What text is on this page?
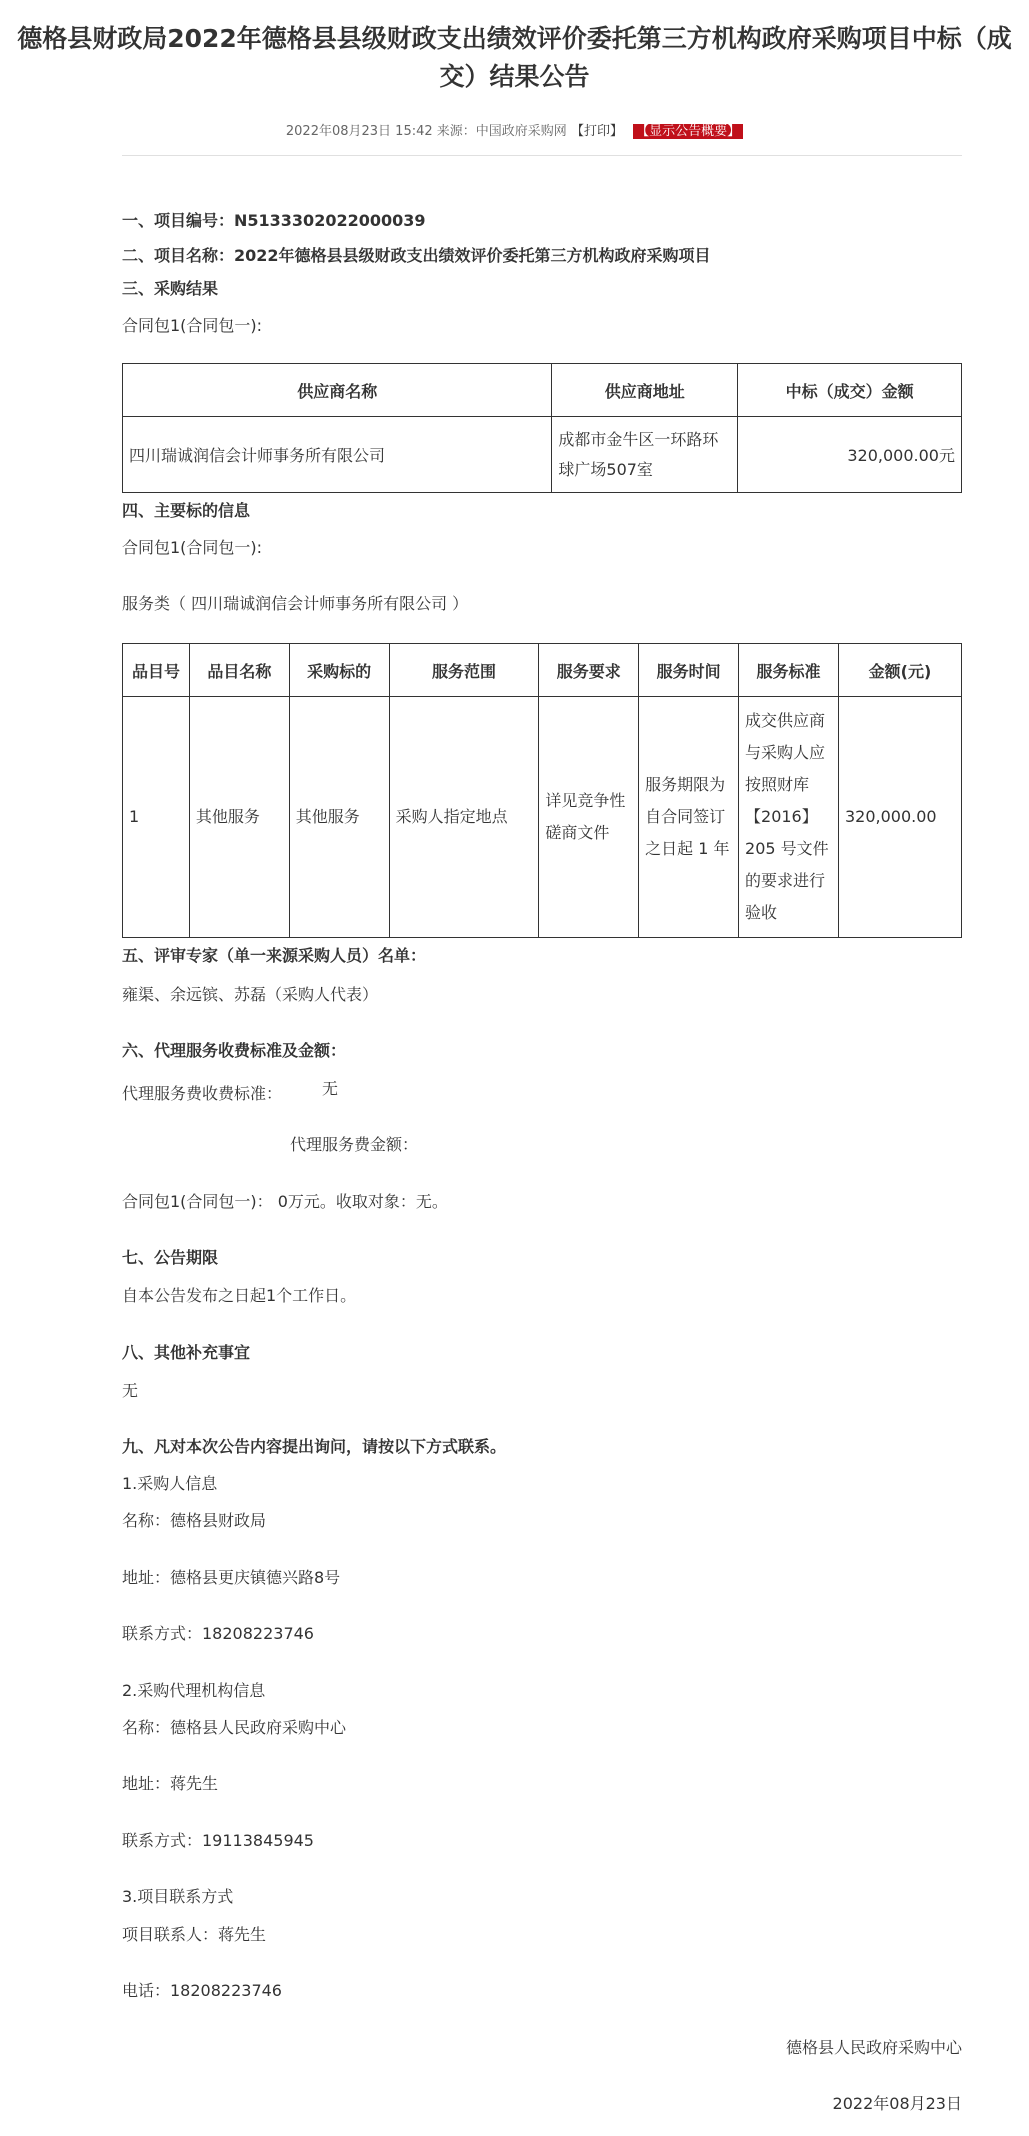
德格县财政局2022年德格县县级财政支出绩效评价委托第三方机构政府采购项目中标（成交）结果公告
2022年08月23日 15:42 来源：中国政府采购网 【打印】 【显示公告概要】
一、项目编号：N5133302022000039
二、项目名称：2022年德格县县级财政支出绩效评价委托第三方机构政府采购项目
三、采购结果
合同包1(合同包一):
供应商名称	供应商地址	中标（成交）金额
四川瑞诚润信会计师事务所有限公司	成都市金牛区一环路环球广场507室	320,000.00元
四、主要标的信息
合同包1(合同包一):
服务类（ 四川瑞诚润信会计师事务所有限公司 ）
品目号	品目名称	采购标的	服务范围	服务要求	服务时间	服务标准	金额(元)
1	其他服务	其他服务	采购人指定地点	详见竞争性磋商文件	服务期限为自合同签订之日起 1 年	成交供应商与采购人应按照财库【2016】205 号文件的要求进行验收	320,000.00
五、评审专家（单一来源采购人员）名单：
雍渠、余远镔、苏磊（采购人代表）
六、代理服务收费标准及金额：
代理服务费收费标准： 无
代理服务费金额：
合同包1(合同包一)： 0万元。收取对象：无。
七、公告期限
自本公告发布之日起1个工作日。
八、其他补充事宜
无
九、凡对本次公告内容提出询问，请按以下方式联系。
1.采购人信息
名称：德格县财政局
地址：德格县更庆镇德兴路8号
联系方式：18208223746
2.采购代理机构信息
名称：德格县人民政府采购中心
地址：蒋先生
联系方式：19113845945
3.项目联系方式
项目联系人：蒋先生
电话：18208223746
德格县人民政府采购中心
2022年08月23日
